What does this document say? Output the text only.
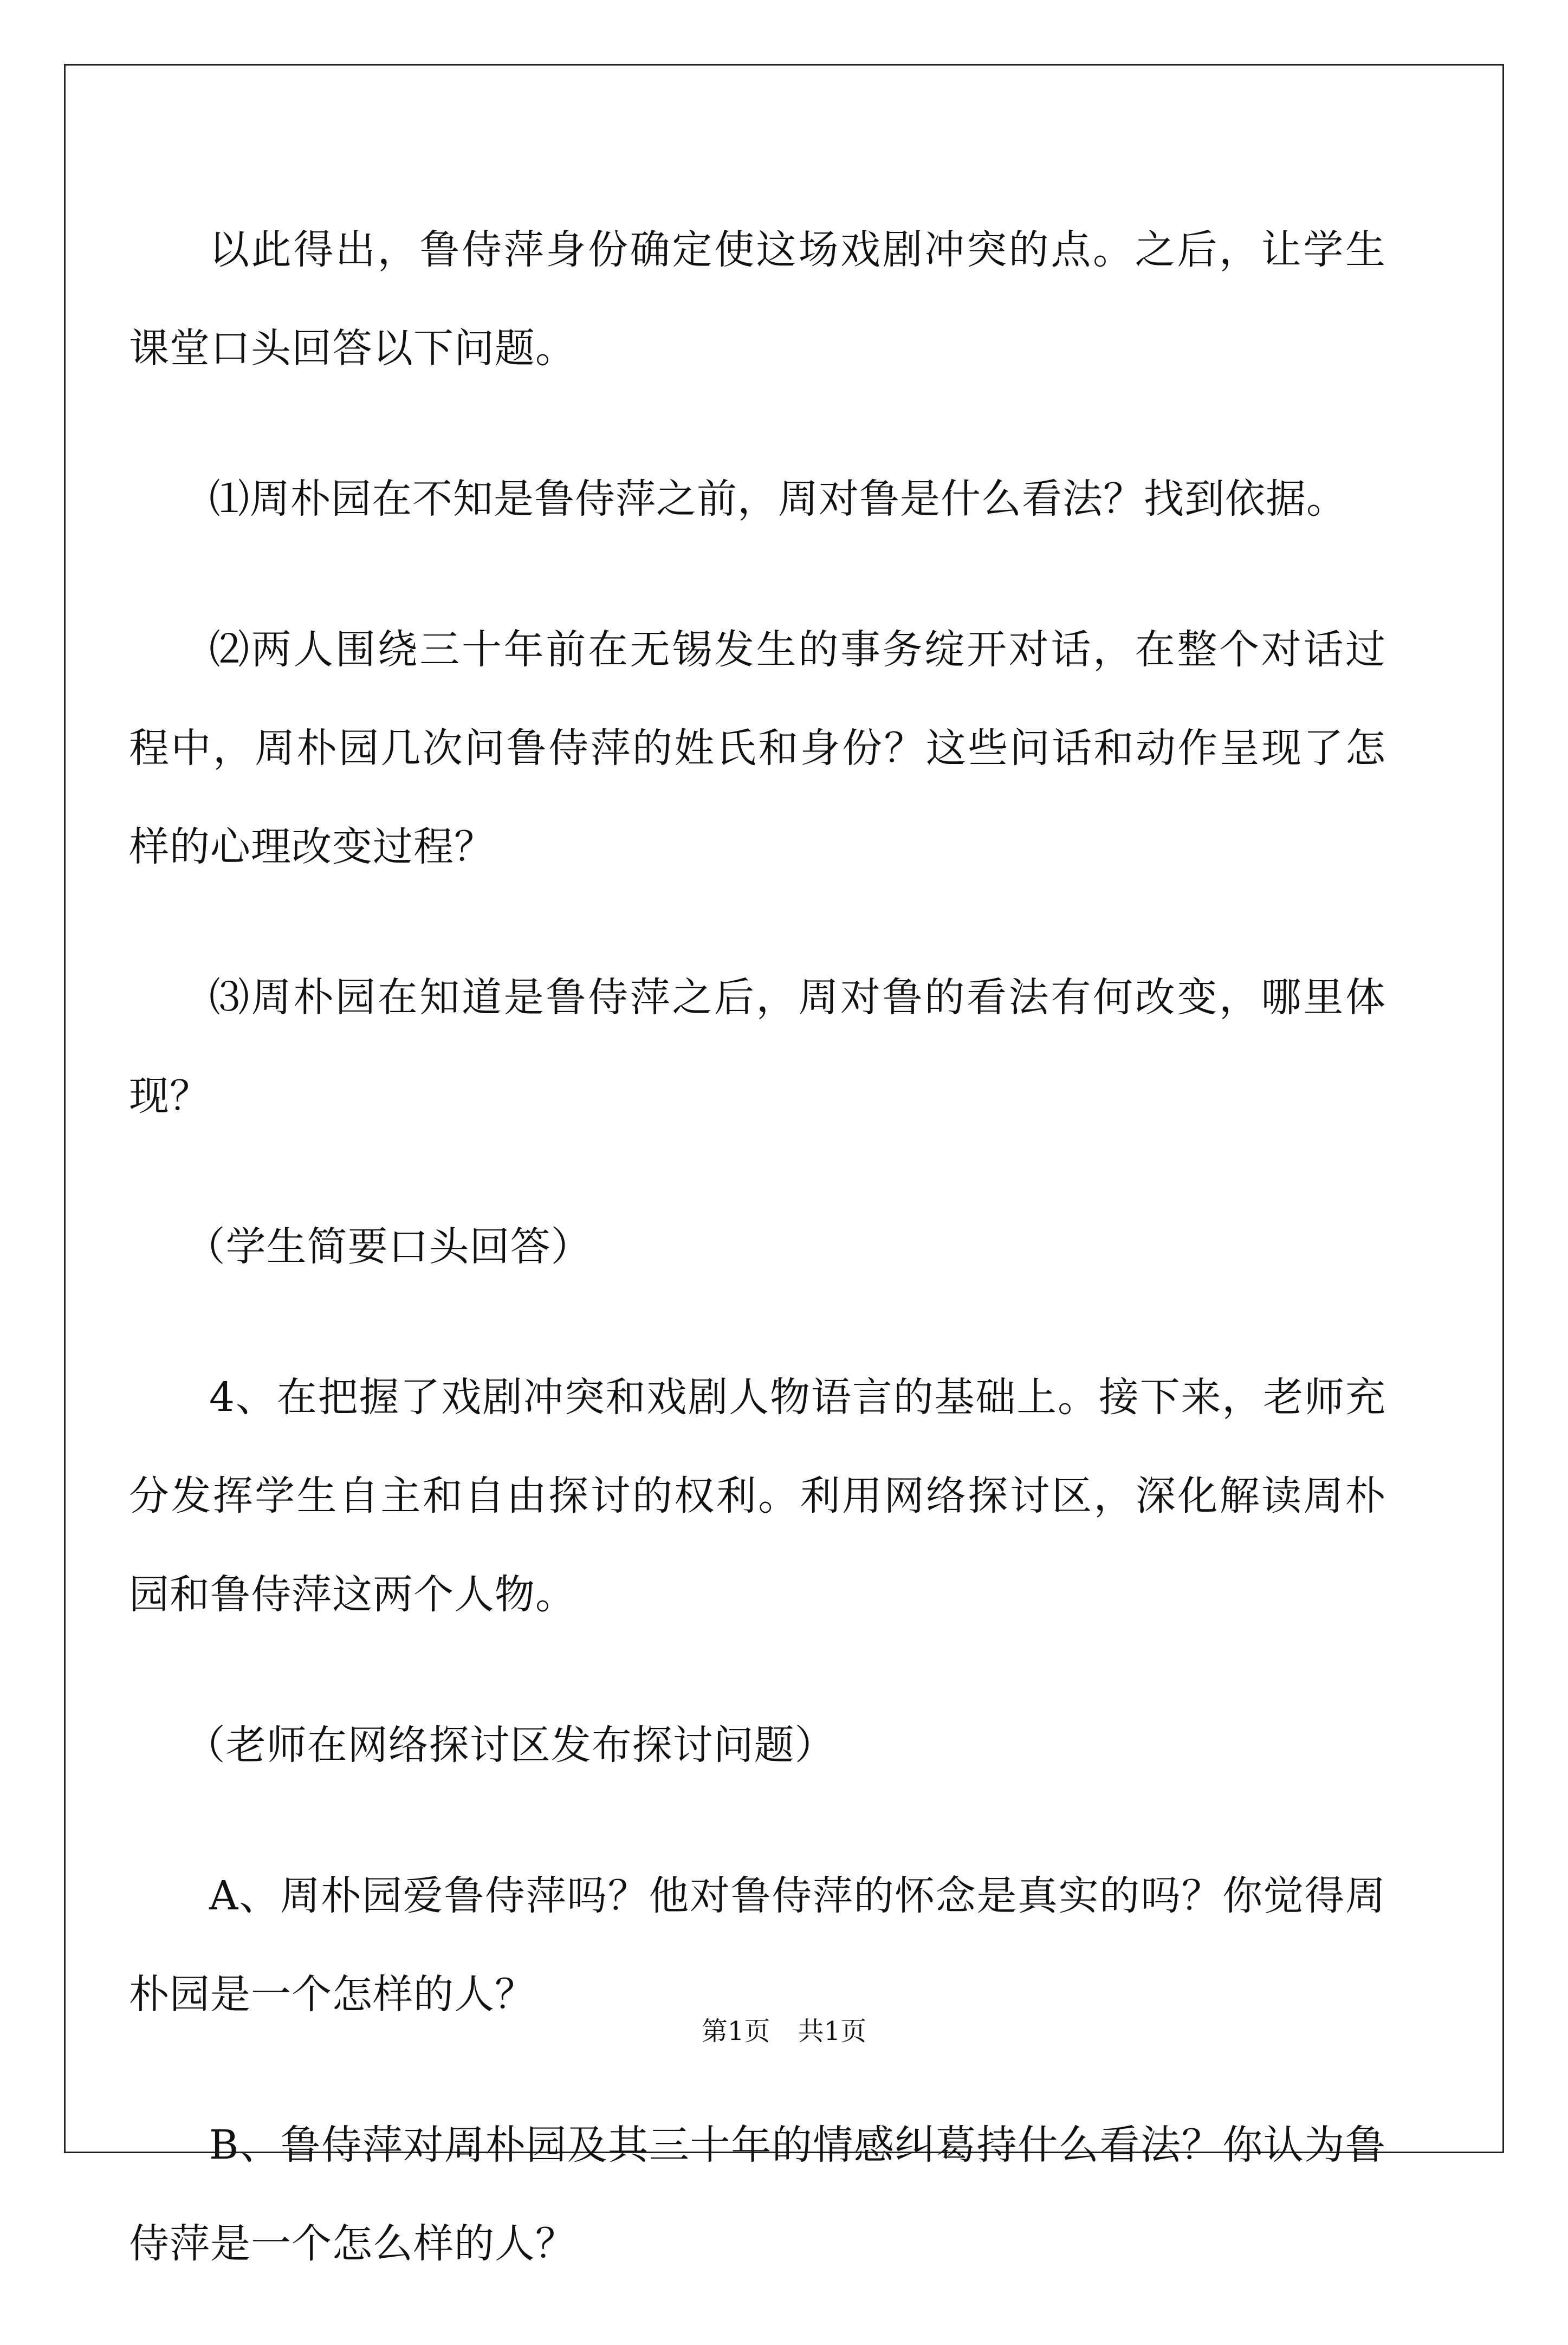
以此得出，鲁侍萍身份确定使这场戏剧冲突的点。之后，让学生课堂口头回答以下问题。

⑴周朴园在不知是鲁侍萍之前，周对鲁是什么看法？找到依据。

⑵两人围绕三十年前在无锡发生的事务绽开对话，在整个对话过程中，周朴园几次问鲁侍萍的姓氏和身份？这些问话和动作呈现了怎样的心理改变过程？

⑶周朴园在知道是鲁侍萍之后，周对鲁的看法有何改变，哪里体现？

（学生简要口头回答）

4、在把握了戏剧冲突和戏剧人物语言的基础上。接下来，老师充分发挥学生自主和自由探讨的权利。利用网络探讨区，深化解读周朴园和鲁侍萍这两个人物。

（老师在网络探讨区发布探讨问题）

A、周朴园爱鲁侍萍吗？他对鲁侍萍的怀念是真实的吗？你觉得周朴园是一个怎样的人？

B、鲁侍萍对周朴园及其三十年的情感纠葛持什么看法？你认为鲁侍萍是一个怎么样的人？

第1页 共1页
